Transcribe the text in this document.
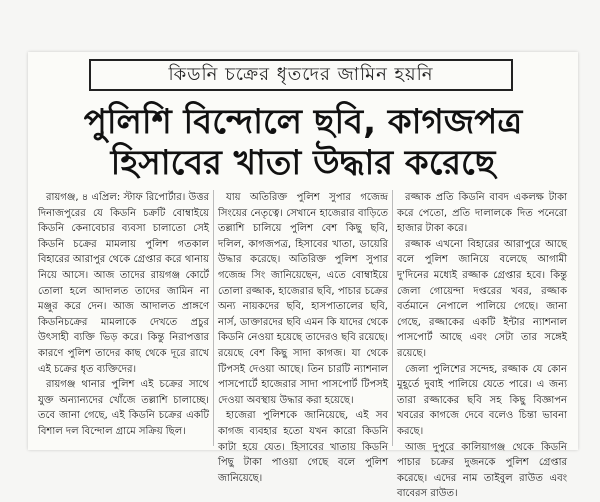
কিডনি চক্রের ধৃতদের জামিন হয়নি
পুলিশি বিন্দোলে ছবি, কাগজপত্র
হিসাবের খাতা উদ্ধার করেছে

রায়গঞ্জ, ৪ এপ্রিল: স্টাফ রিপোর্টার। উত্তর দিনাজপুরের যে কিডনি চক্রটি বোম্বাইয়ে কিডনি কেনাবেচার ব্যবসা চালাতো সেই কিডনি চক্রের মামলায় পুলিশ গতকাল বিহারের আরাপুর থেকে গ্রেপ্তার করে থানায় নিয়ে আসে। আজ তাদের রায়গঞ্জ কোর্টে তোলা হলে আদালত তাদের জামিন না মঞ্জুর করে দেন। আজ আদালত প্রাঙ্গণে কিডনিচক্রের মামলাকে দেখতে প্রচুর উৎসাহী ব্যক্তি ভিড় করে। কিন্তু নিরাপত্তার কারণে পুলিশ তাদের কাছ থেকে দূরে রাখে এই চক্রের ধৃত ব্যক্তিদের।

রায়গঞ্জ থানার পুলিশ এই চক্রের সাথে যুক্ত অন্যান্যদের খোঁজে তল্লাশি চালাচ্ছে। তবে জানা গেছে, এই কিডনি চক্রের একটি বিশাল দল বিন্দোল গ্রামে সক্রিয় ছিল।

যায় অতিরিক্ত পুলিশ সুপার গজেন্দ্র সিংয়ের নেতৃত্বে। সেখানে হাজেরার বাড়িতে তল্লাশি চালিয়ে পুলিশ বেশ কিছু ছবি, দলিল, কাগজপত্র, হিসাবের খাতা, ডায়েরি উদ্ধার করেছে। অতিরিক্ত পুলিশ সুপার গজেন্দ্র সিং জানিয়েছেন, এতে বোম্বাইয়ে তোলা রজ্জাক, হাজেরার ছবি, পাচার চক্রের অন্য নায়কদের ছবি, হাসপাতালের ছবি, নার্স, ডাক্তারদের ছবি এমন কি যাদের থেকে কিডনি নেওয়া হয়েছে তাদেরও ছবি রয়েছে। রয়েছে বেশ কিছু সাদা কাগজ। যা থেকে টিপসই দেওয়া আছে। তিন চারটি ন্যাশনাল পাসপোর্টে হাজেরার সাদা পাসপোর্ট টিপসই দেওয়া অবস্থায় উদ্ধার করা হয়েছে।

হাজেরা পুলিশকে জানিয়েছে, এই সব কাগজ ব্যবহার হতো যখন কারো কিডনি কাটা হয়ে যেত। হিসাবের খাতায় কিডনি পিছু টাকা পাওয়া গেছে বলে পুলিশ জানিয়েছে।

রজ্জাক প্রতি কিডনি বাবদ একলক্ষ টাকা করে পেতো, প্রতি দালালকে দিত পনেরো হাজার টাকা করে।

রজ্জাক এখনো বিহারের আরাপুরে আছে বলে পুলিশ জানিয়ে বলেছে আগামী দু'দিনের মধ্যেই রজ্জাক গ্রেপ্তার হবে। কিন্তু জেলা গোয়েন্দা দপ্তরের খবর, রজ্জাক বর্তমানে নেপালে পালিয়ে গেছে। জানা গেছে, রজ্জাকের একটি ইন্টার ন্যাশনাল পাসপোর্ট আছে এবং সেটা তার সঙ্গেই রয়েছে।

জেলা পুলিশের সন্দেহ, রজ্জাক যে কোন মুহূর্তে দুবাই পালিয়ে যেতে পারে। এ জন্য তারা রজ্জাকের ছবি সহ কিছু বিজ্ঞাপন খবরের কাগজে দেবে বলেও চিন্তা ভাবনা করছে।

আজ দুপুরে কালিয়াগঞ্জ থেকে কিডনি পাচার চক্রের দুজনকে পুলিশ গ্রেপ্তার করেছে। এদের নাম তাইবুল রাউত এবং বাবেরস রাউত।
